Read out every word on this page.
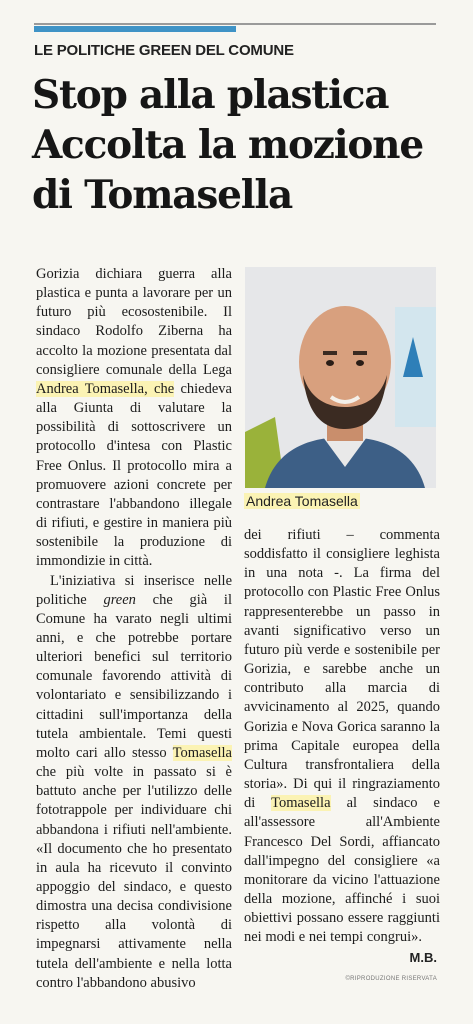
LE POLITICHE GREEN DEL COMUNE
Stop alla plastica
Accolta la mozione
di Tomasella

Gorizia dichiara guerra alla plastica e punta a lavorare per un futuro più ecosostenibile. Il sindaco Rodolfo Ziberna ha accolto la mozione presentata dal consigliere comunale della Lega Andrea Tomasella, che chiedeva alla Giunta di valutare la possibilità di sottoscrivere un protocollo d'intesa con Plastic Free Onlus. Il protocollo mira a promuovere azioni concrete per contrastare l'abbandono illegale di rifiuti, e gestire in maniera più sostenibile la produzione di immondizie in città.

L'iniziativa si inserisce nelle politiche green che già il Comune ha varato negli ultimi anni, e che potrebbe portare ulteriori benefici sul territorio comunale favorendo attività di volontariato e sensibilizzando i cittadini sull'importanza della tutela ambientale. Temi questi molto cari allo stesso Tomasella che più volte in passato si è battuto anche per l'utilizzo delle fototrappole per individuare chi abbandona i rifiuti nell'ambiente. «Il documento che ho presentato in aula ha ricevuto il convinto appoggio del sindaco, e questo dimostra una decisa condivisione rispetto alla volontà di impegnarsi attivamente nella tutela dell'ambiente e nella lotta contro l'abbandono abusivo

Andrea Tomasella

dei rifiuti – commenta soddisfatto il consigliere leghista in una nota -. La firma del protocollo con Plastic Free Onlus rappresenterebbe un passo in avanti significativo verso un futuro più verde e sostenibile per Gorizia, e sarebbe anche un contributo alla marcia di avvicinamento al 2025, quando Gorizia e Nova Gorica saranno la prima Capitale europea della Cultura transfrontaliera della storia». Di qui il ringraziamento di Tomasella al sindaco e all'assessore all'Ambiente Francesco Del Sordi, affiancato dall'impegno del consigliere «a monitorare da vicino l'attuazione della mozione, affinché i suoi obiettivi possano essere raggiunti nei modi e nei tempi congrui».

M.B.
©RIPRODUZIONE RISERVATA
